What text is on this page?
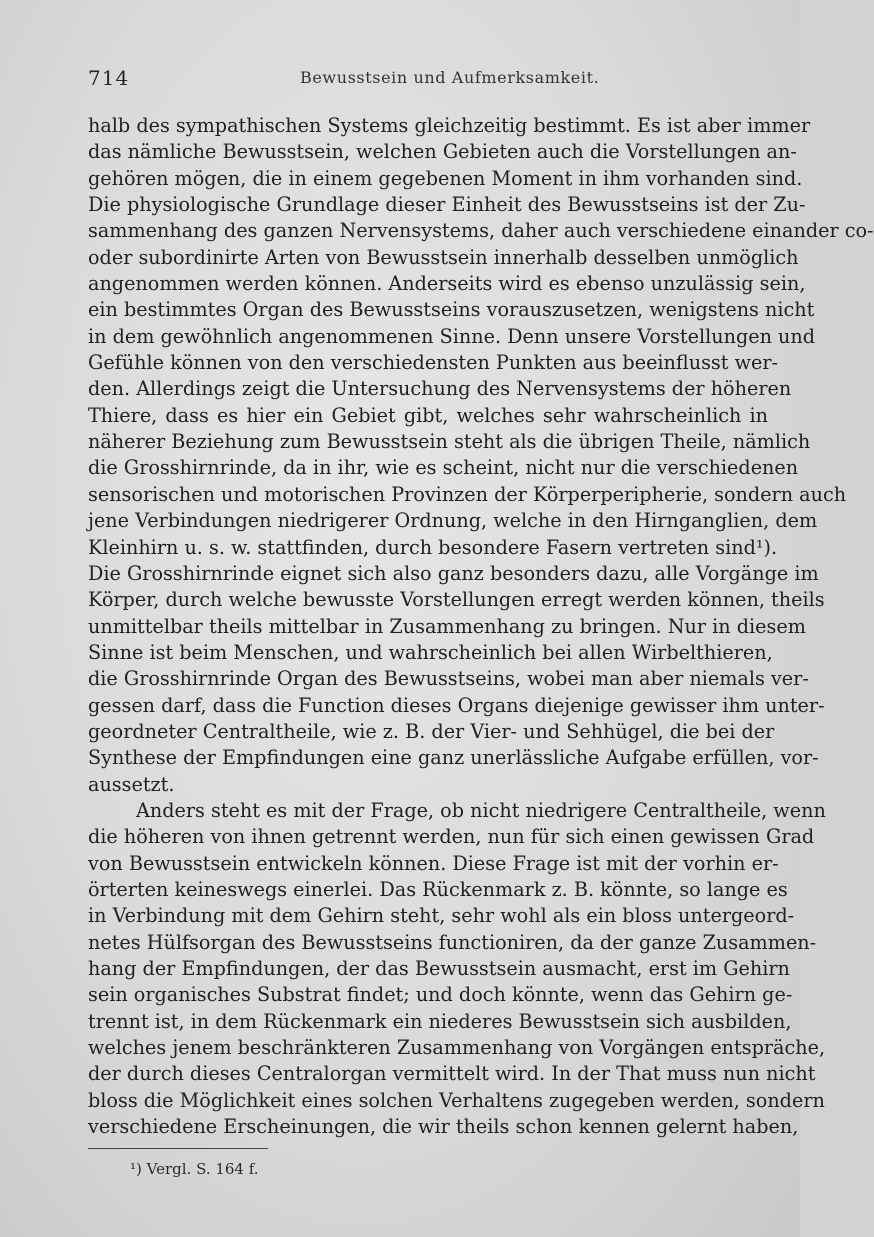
714	Bewusstsein und Aufmerksamkeit.
halb des sympathischen Systems gleichzeitig bestimmt. Es ist aber immer
das nämliche Bewusstsein, welchen Gebieten auch die Vorstellungen an-
gehören mögen, die in einem gegebenen Moment in ihm vorhanden sind.
Die physiologische Grundlage dieser Einheit des Bewusstseins ist der Zu-
sammenhang des ganzen Nervensystems, daher auch verschiedene einander co-
oder subordinirte Arten von Bewusstsein innerhalb desselben unmöglich
angenommen werden können. Anderseits wird es ebenso unzulässig sein,
ein bestimmtes Organ des Bewusstseins vorauszusetzen, wenigstens nicht
in dem gewöhnlich angenommenen Sinne. Denn unsere Vorstellungen und
Gefühle können von den verschiedensten Punkten aus beeinflusst wer-
den. Allerdings zeigt die Untersuchung des Nervensystems der höheren
Thiere, dass es hier ein Gebiet gibt, welches sehr wahrscheinlich in
näherer Beziehung zum Bewusstsein steht als die übrigen Theile, nämlich
die Grosshirnrinde, da in ihr, wie es scheint, nicht nur die verschiedenen
sensorischen und motorischen Provinzen der Körperperipherie, sondern auch
jene Verbindungen niedrigerer Ordnung, welche in den Hirnganglien, dem
Kleinhirn u. s. w. stattfinden, durch besondere Fasern vertreten sind¹).
Die Grosshirnrinde eignet sich also ganz besonders dazu, alle Vorgänge im
Körper, durch welche bewusste Vorstellungen erregt werden können, theils
unmittelbar theils mittelbar in Zusammenhang zu bringen. Nur in diesem
Sinne ist beim Menschen, und wahrscheinlich bei allen Wirbelthieren,
die Grosshirnrinde Organ des Bewusstseins, wobei man aber niemals ver-
gessen darf, dass die Function dieses Organs diejenige gewisser ihm unter-
geordneter Centraltheile, wie z. B. der Vier- und Sehhügel, die bei der
Synthese der Empfindungen eine ganz unerlässliche Aufgabe erfüllen, vor-
aussetzt.
Anders steht es mit der Frage, ob nicht niedrigere Centraltheile, wenn
die höheren von ihnen getrennt werden, nun für sich einen gewissen Grad
von Bewusstsein entwickeln können. Diese Frage ist mit der vorhin er-
örterten keineswegs einerlei. Das Rückenmark z. B. könnte, so lange es
in Verbindung mit dem Gehirn steht, sehr wohl als ein bloss untergeord-
netes Hülfsorgan des Bewusstseins functioniren, da der ganze Zusammen-
hang der Empfindungen, der das Bewusstsein ausmacht, erst im Gehirn
sein organisches Substrat findet; und doch könnte, wenn das Gehirn ge-
trennt ist, in dem Rückenmark ein niederes Bewusstsein sich ausbilden,
welches jenem beschränkteren Zusammenhang von Vorgängen entspräche,
der durch dieses Centralorgan vermittelt wird. In der That muss nun nicht
bloss die Möglichkeit eines solchen Verhaltens zugegeben werden, sondern
verschiedene Erscheinungen, die wir theils schon kennen gelernt haben,
¹) Vergl. S. 164 f.
